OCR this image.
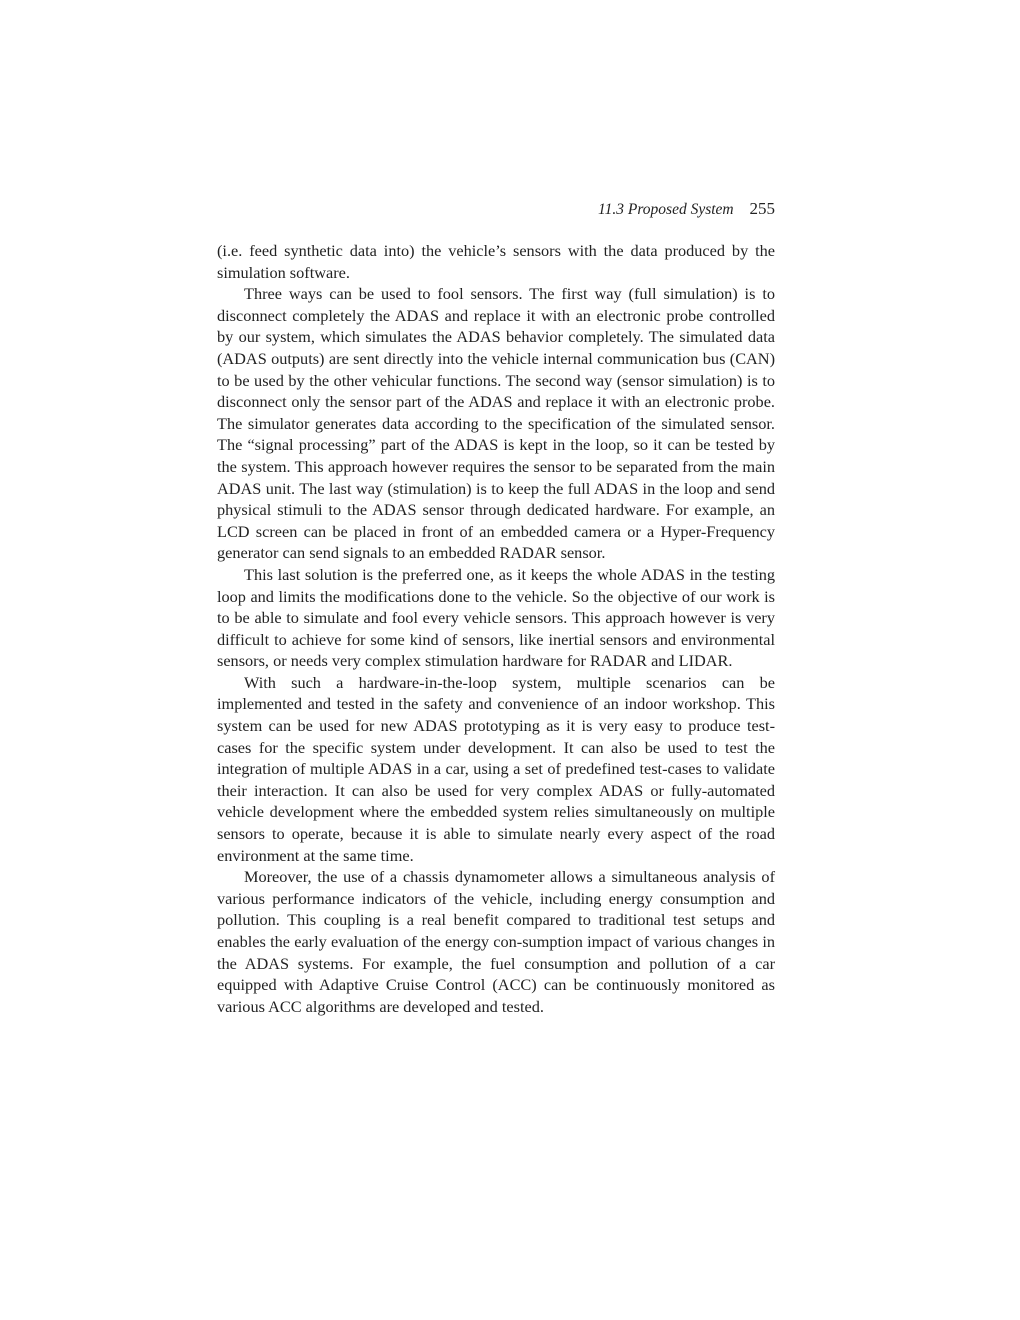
11.3 Proposed System 255

(i.e. feed synthetic data into) the vehicle’s sensors with the data produced by the simulation software.

Three ways can be used to fool sensors. The first way (full simulation) is to disconnect completely the ADAS and replace it with an electronic probe controlled by our system, which simulates the ADAS behavior completely. The simulated data (ADAS outputs) are sent directly into the vehicle internal communication bus (CAN) to be used by the other vehicular functions. The second way (sensor simulation) is to disconnect only the sensor part of the ADAS and replace it with an electronic probe. The simulator generates data according to the specification of the simulated sensor. The “signal processing” part of the ADAS is kept in the loop, so it can be tested by the system. This approach however requires the sensor to be separated from the main ADAS unit. The last way (stimulation) is to keep the full ADAS in the loop and send physical stimuli to the ADAS sensor through dedicated hardware. For example, an LCD screen can be placed in front of an embedded camera or a Hyper-Frequency generator can send signals to an embedded RADAR sensor.

This last solution is the preferred one, as it keeps the whole ADAS in the testing loop and limits the modifications done to the vehicle. So the objective of our work is to be able to simulate and fool every vehicle sensors. This approach however is very difficult to achieve for some kind of sensors, like inertial sensors and environmental sensors, or needs very complex stimulation hardware for RADAR and LIDAR.

With such a hardware-in-the-loop system, multiple scenarios can be implemented and tested in the safety and convenience of an indoor workshop. This system can be used for new ADAS prototyping as it is very easy to produce test-cases for the specific system under development. It can also be used to test the integration of multiple ADAS in a car, using a set of predefined test-cases to validate their interaction. It can also be used for very complex ADAS or fully-automated vehicle development where the embedded system relies simultaneously on multiple sensors to operate, because it is able to simulate nearly every aspect of the road environment at the same time.

Moreover, the use of a chassis dynamometer allows a simultaneous analysis of various performance indicators of the vehicle, including energy consumption and pollution. This coupling is a real benefit compared to traditional test setups and enables the early evaluation of the energy con-sumption impact of various changes in the ADAS systems. For example, the fuel consumption and pollution of a car equipped with Adaptive Cruise Control (ACC) can be continuously monitored as various ACC algorithms are developed and tested.
